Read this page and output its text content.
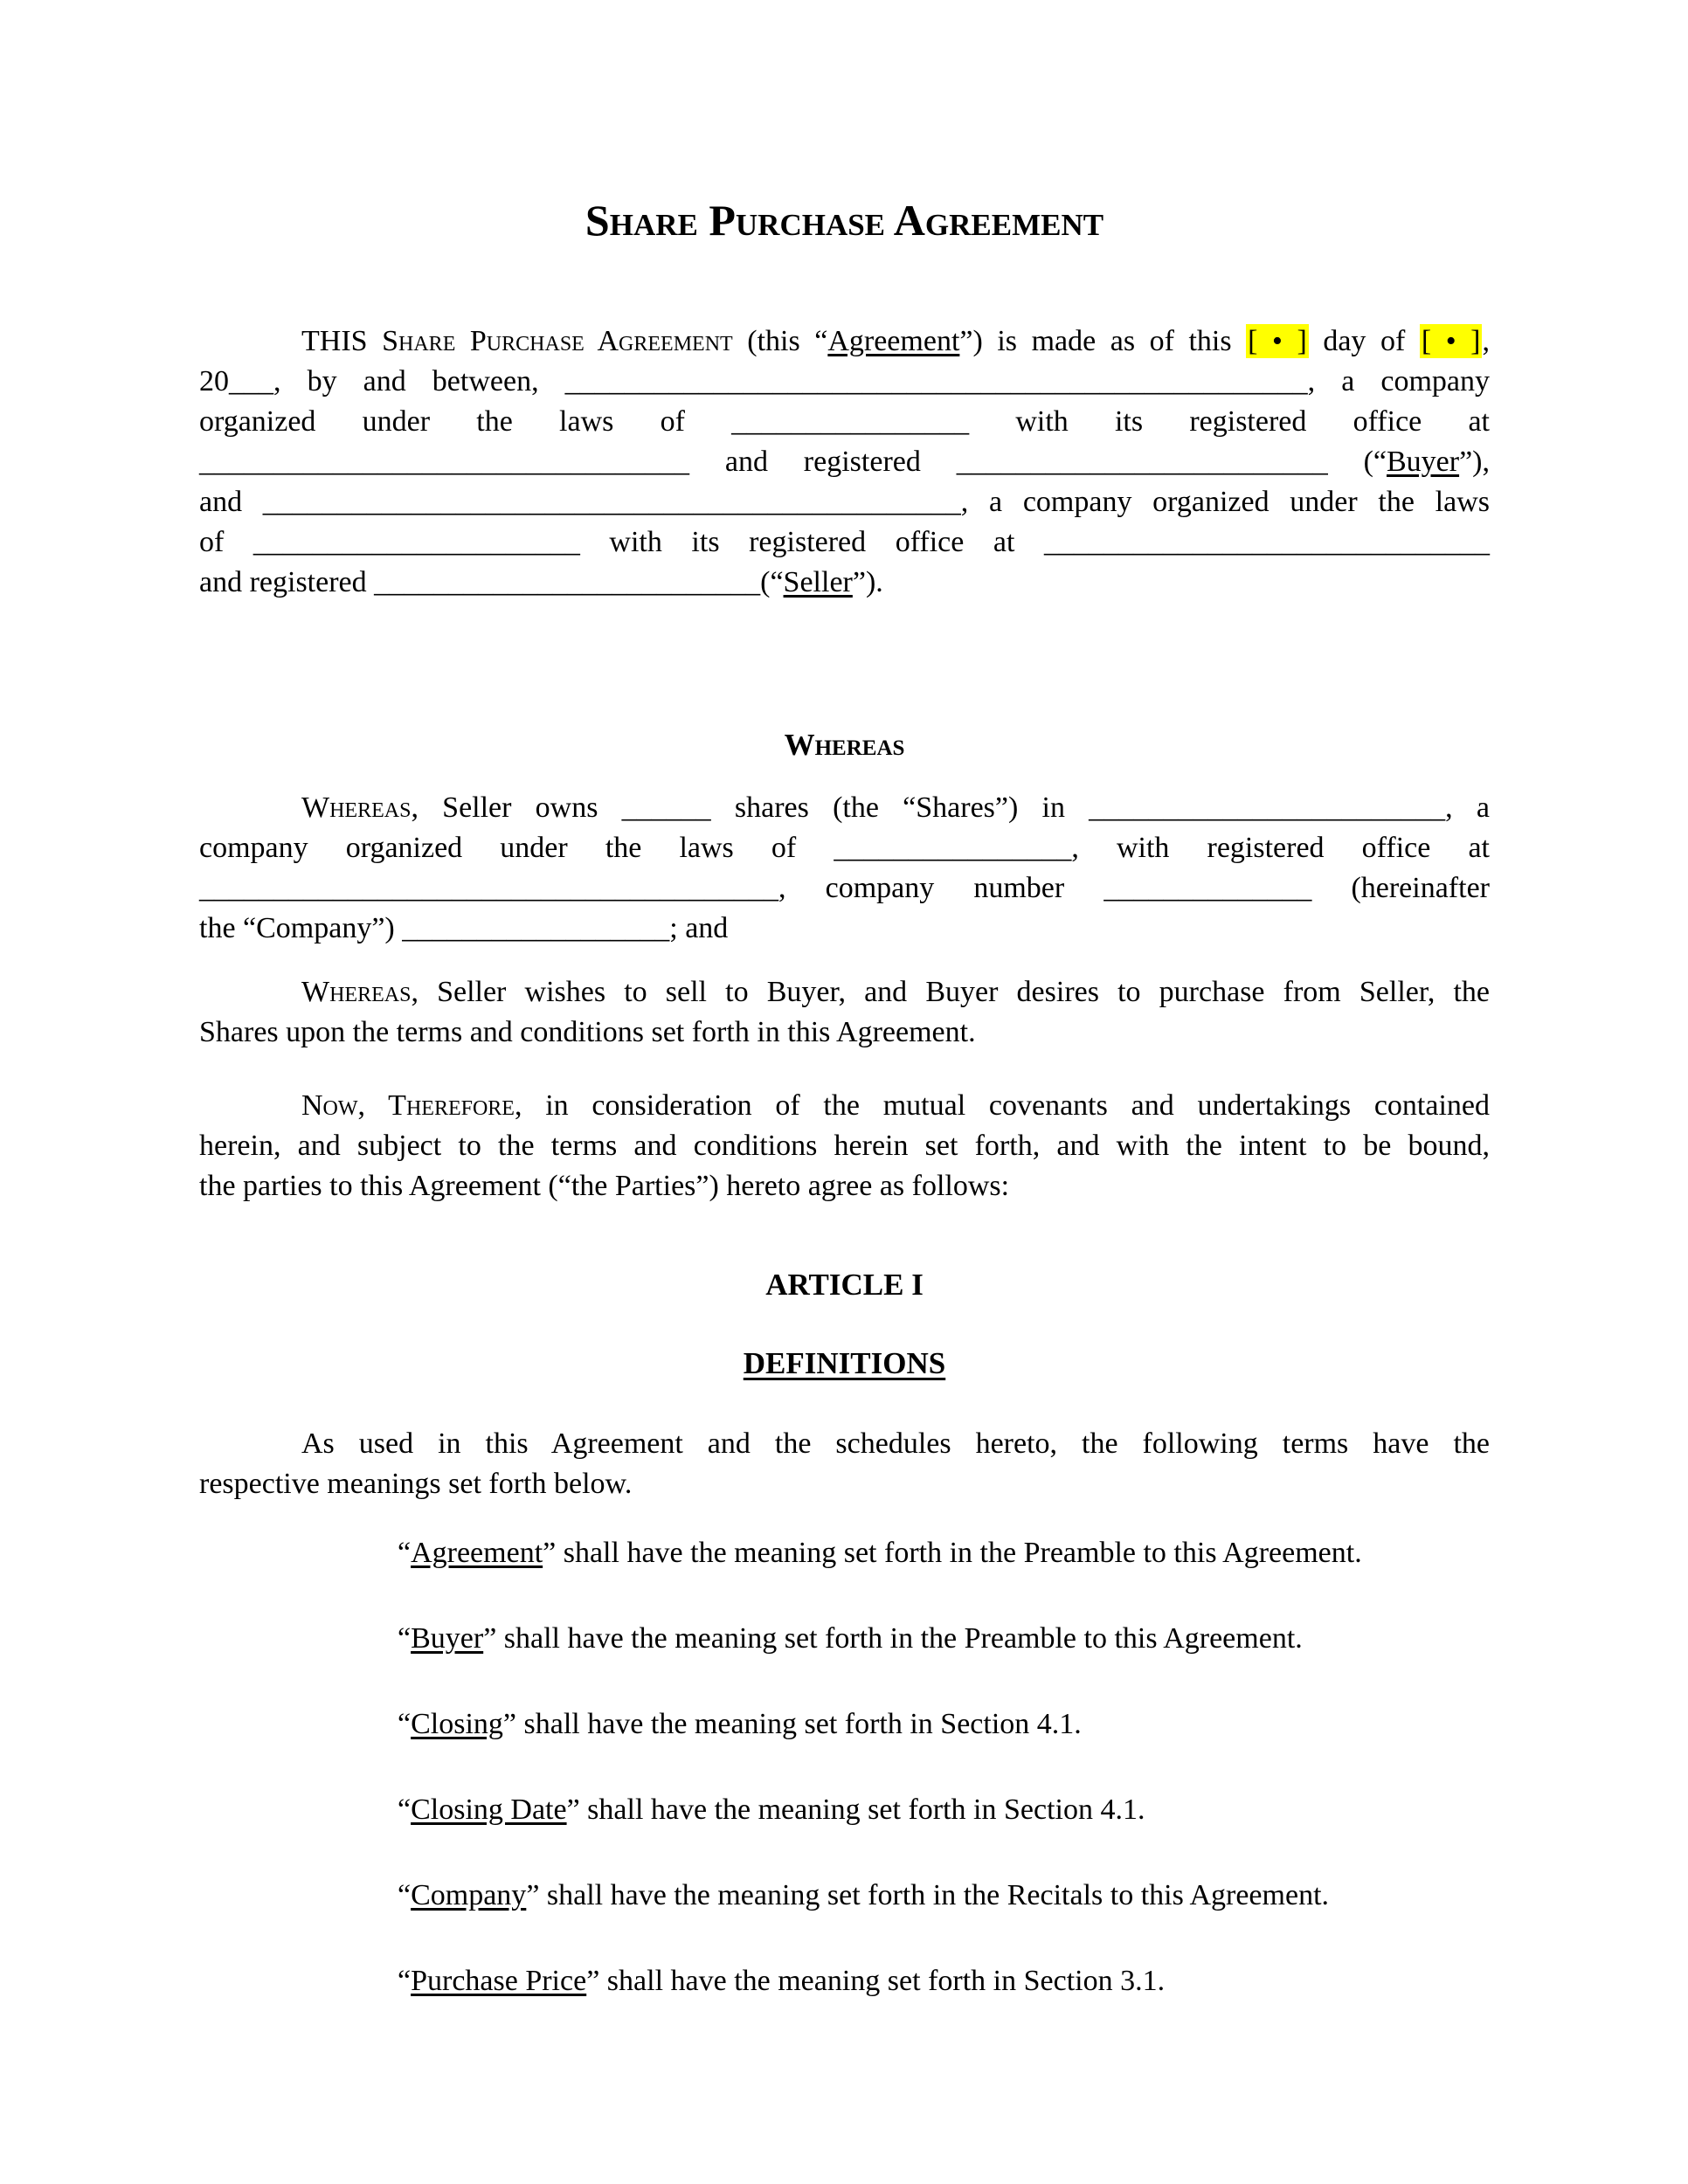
Share Purchase Agreement
THIS Share Purchase Agreement (this “Agreement”) is made as of this [ • ] day of [ • ],
20___, by and between, __________________________________________________, a company
organized under the laws of ________________ with its registered office at
_________________________________ and registered _________________________ (“Buyer”),
and _______________________________________________, a company organized under the laws
of ______________________ with its registered office at ______________________________
and registered __________________________(“Seller”).
Whereas
Whereas, Seller owns ______ shares (the “Shares”) in ________________________, a
company organized under the laws of ________________, with registered office at
_______________________________________, company number ______________ (hereinafter
the “Company”) __________________; and
Whereas, Seller wishes to sell to Buyer, and Buyer desires to purchase from Seller, the
Shares upon the terms and conditions set forth in this Agreement.
Now, Therefore, in consideration of the mutual covenants and undertakings contained
herein, and subject to the terms and conditions herein set forth, and with the intent to be bound,
the parties to this Agreement (“the Parties”) hereto agree as follows:
ARTICLE I
DEFINITIONS
As used in this Agreement and the schedules hereto, the following terms have the
respective meanings set forth below.
“Agreement” shall have the meaning set forth in the Preamble to this Agreement.
“Buyer” shall have the meaning set forth in the Preamble to this Agreement.
“Closing” shall have the meaning set forth in Section 4.1.
“Closing Date” shall have the meaning set forth in Section 4.1.
“Company” shall have the meaning set forth in the Recitals to this Agreement.
“Purchase Price” shall have the meaning set forth in Section 3.1.
